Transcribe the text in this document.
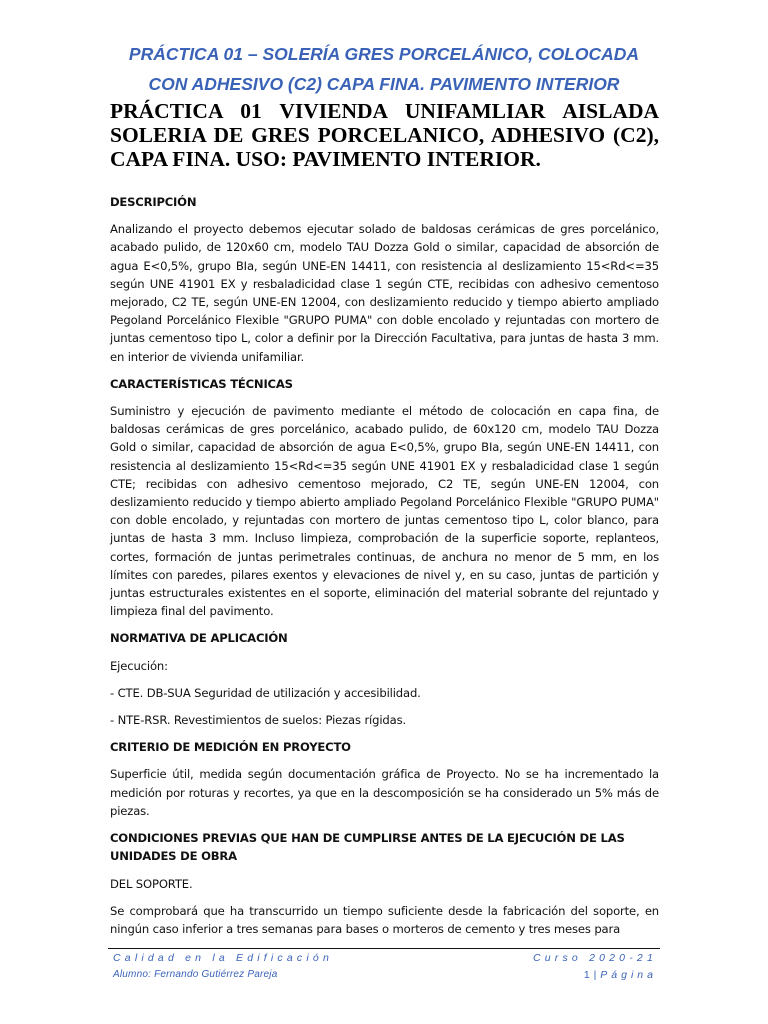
PRÁCTICA 01 – SOLERÍA GRES PORCELÁNICO, COLOCADA
CON ADHESIVO (C2) CAPA FINA. PAVIMENTO INTERIOR
PRÁCTICA 01 VIVIENDA UNIFAMLIAR AISLADA SOLERIA DE GRES PORCELANICO, ADHESIVO (C2), CAPA FINA. USO: PAVIMENTO INTERIOR.
DESCRIPCIÓN
Analizando el proyecto debemos ejecutar solado de baldosas cerámicas de gres porcelánico, acabado pulido, de 120x60 cm, modelo TAU Dozza Gold o similar, capacidad de absorción de agua E<0,5%, grupo BIa, según UNE-EN 14411, con resistencia al deslizamiento 15<Rd<=35 según UNE 41901 EX y resbaladicidad clase 1 según CTE, recibidas con adhesivo cementoso mejorado, C2 TE, según UNE-EN 12004, con deslizamiento reducido y tiempo abierto ampliado Pegoland Porcelánico Flexible "GRUPO PUMA" con doble encolado y rejuntadas con mortero de juntas cementoso tipo L, color a definir por la Dirección Facultativa, para juntas de hasta 3 mm. en interior de vivienda unifamiliar.
CARACTERÍSTICAS TÉCNICAS
Suministro y ejecución de pavimento mediante el método de colocación en capa fina, de baldosas cerámicas de gres porcelánico, acabado pulido, de 60x120 cm, modelo TAU Dozza Gold o similar, capacidad de absorción de agua E<0,5%, grupo BIa, según UNE-EN 14411, con resistencia al deslizamiento 15<Rd<=35 según UNE 41901 EX y resbaladicidad clase 1 según CTE; recibidas con adhesivo cementoso mejorado, C2 TE, según UNE-EN 12004, con deslizamiento reducido y tiempo abierto ampliado Pegoland Porcelánico Flexible "GRUPO PUMA" con doble encolado, y rejuntadas con mortero de juntas cementoso tipo L, color blanco, para juntas de hasta 3 mm. Incluso limpieza, comprobación de la superficie soporte, replanteos, cortes, formación de juntas perimetrales continuas, de anchura no menor de 5 mm, en los límites con paredes, pilares exentos y elevaciones de nivel y, en su caso, juntas de partición y juntas estructurales existentes en el soporte, eliminación del material sobrante del rejuntado y limpieza final del pavimento.
NORMATIVA DE APLICACIÓN
Ejecución:
- CTE. DB-SUA Seguridad de utilización y accesibilidad.
- NTE-RSR. Revestimientos de suelos: Piezas rígidas.
CRITERIO DE MEDICIÓN EN PROYECTO
Superficie útil, medida según documentación gráfica de Proyecto. No se ha incrementado la medición por roturas y recortes, ya que en la descomposición se ha considerado un 5% más de piezas.
CONDICIONES PREVIAS QUE HAN DE CUMPLIRSE ANTES DE LA EJECUCIÓN DE LAS UNIDADES DE OBRA
DEL SOPORTE.
Se comprobará que ha transcurrido un tiempo suficiente desde la fabricación del soporte, en ningún caso inferior a tres semanas para bases o morteros de cemento y tres meses para
Calidad en la Edificación	Curso 2020-21
Alumno: Fernando Gutiérrez Pareja	1 | Página
